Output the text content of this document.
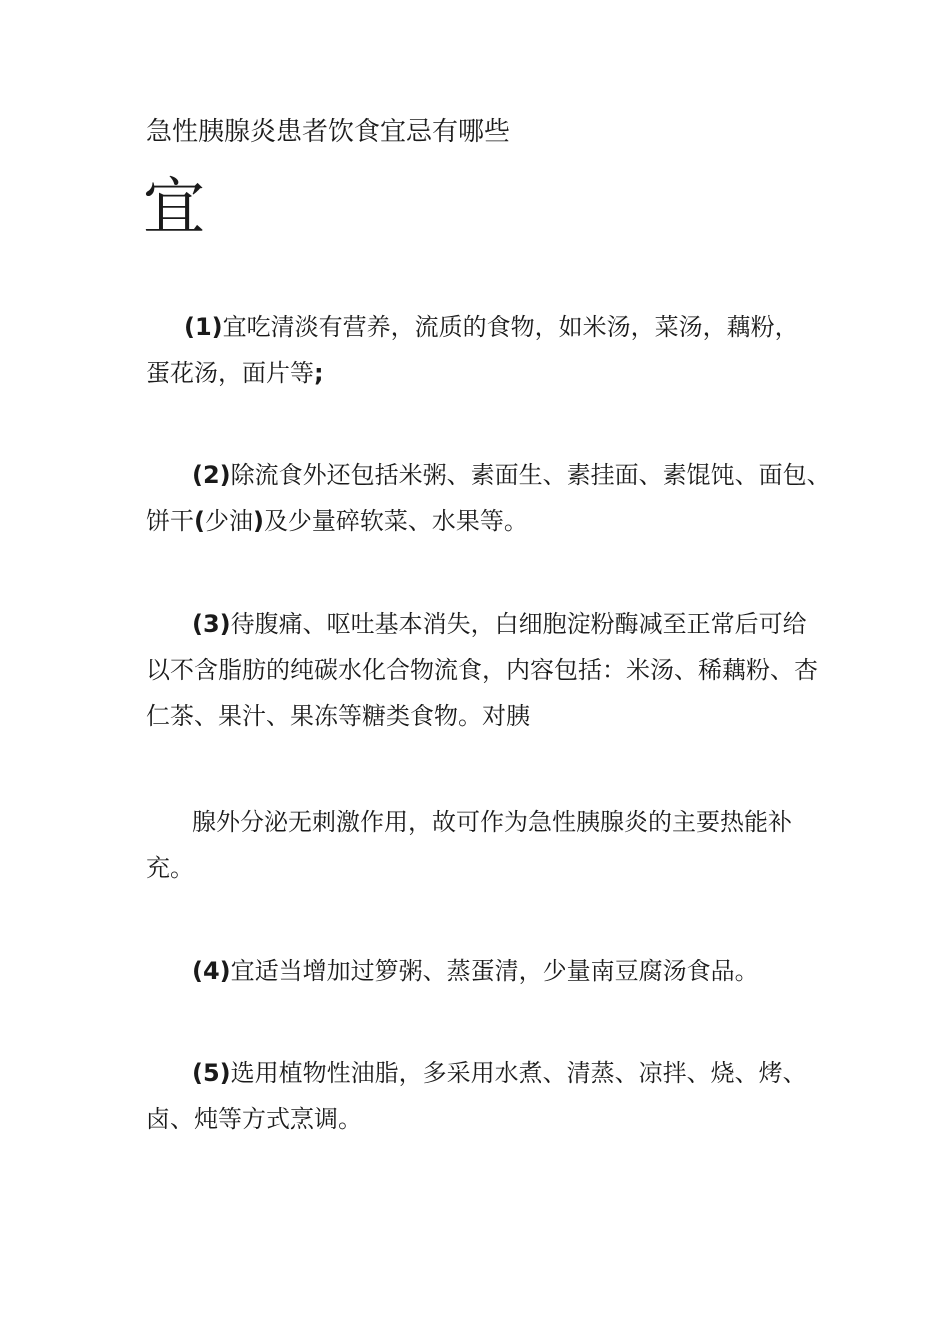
急性胰腺炎患者饮食宜忌有哪些
宜
(1)宜吃清淡有营养，流质的食物，如米汤，菜汤，藕粉，
蛋花汤，面片等;
(2)除流食外还包括米粥、素面生、素挂面、素馄饨、面包、
饼干(少油)及少量碎软菜、水果等。
(3)待腹痛、呕吐基本消失，白细胞淀粉酶减至正常后可给
以不含脂肪的纯碳水化合物流食，内容包括：米汤、稀藕粉、杏
仁茶、果汁、果冻等糖类食物。对胰
腺外分泌无刺激作用，故可作为急性胰腺炎的主要热能补
充。
(4)宜适当增加过箩粥、蒸蛋清，少量南豆腐汤食品。
(5)选用植物性油脂，多采用水煮、清蒸、凉拌、烧、烤、
卤、炖等方式烹调。
